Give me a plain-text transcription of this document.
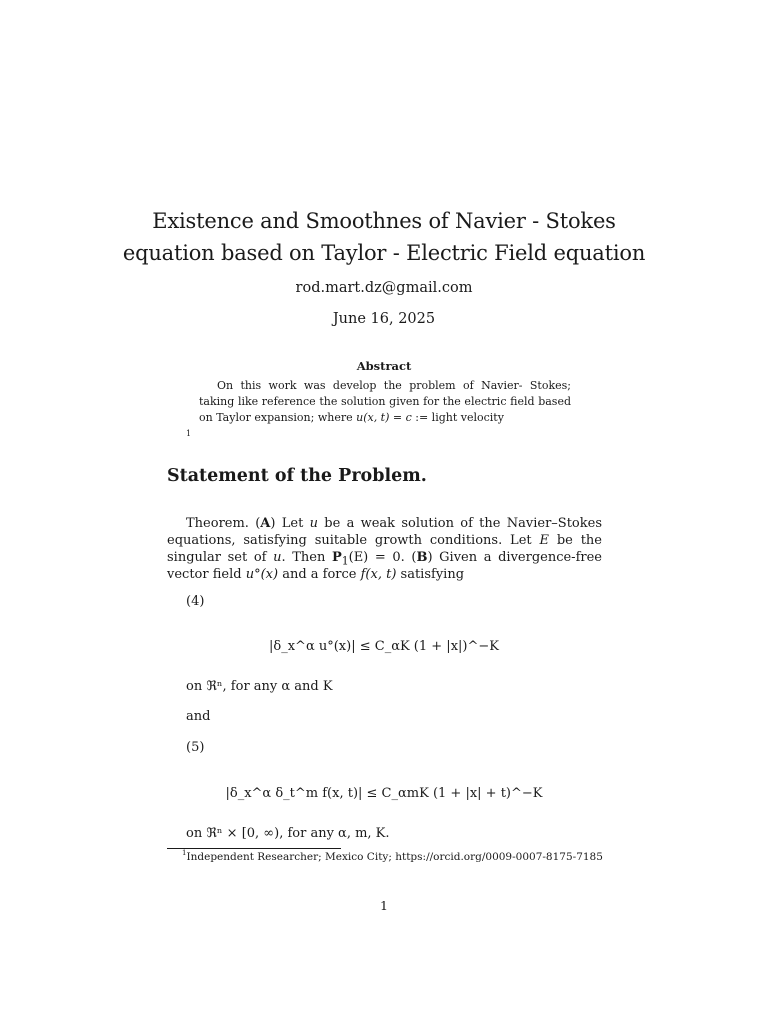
Existence and Smoothnes of Navier - Stokes
equation based on Taylor - Electric Field equation
rod.mart.dz@gmail.com
June 16, 2025
Abstract
On this work was develop the problem of Navier- Stokes; taking like reference the solution given for the electric field based on Taylor expansion; where u(x, t) = c := light velocity
1
Statement of the Problem.
Theorem. (A) Let u be a weak solution of the Navier–Stokes equations, satisfying suitable growth conditions. Let E be the singular set of u. Then $P_1(E) = 0$. (B) Given a divergence-free vector field u°(x) and a force f(x, t) satisfying
(4)
|δ_x^α u°(x)| ≤ C_αK (1 + |x|)^−K
on ℜⁿ, for any α and K
and
(5)
|δ_x^α δ_t^m f(x, t)| ≤ C_αmK (1 + |x| + t)^−K
on ℜⁿ × [0, ∞), for any α, m, K.
$^1$Independent Researcher; Mexico City; https://orcid.org/0009-0007-8175-7185
1
